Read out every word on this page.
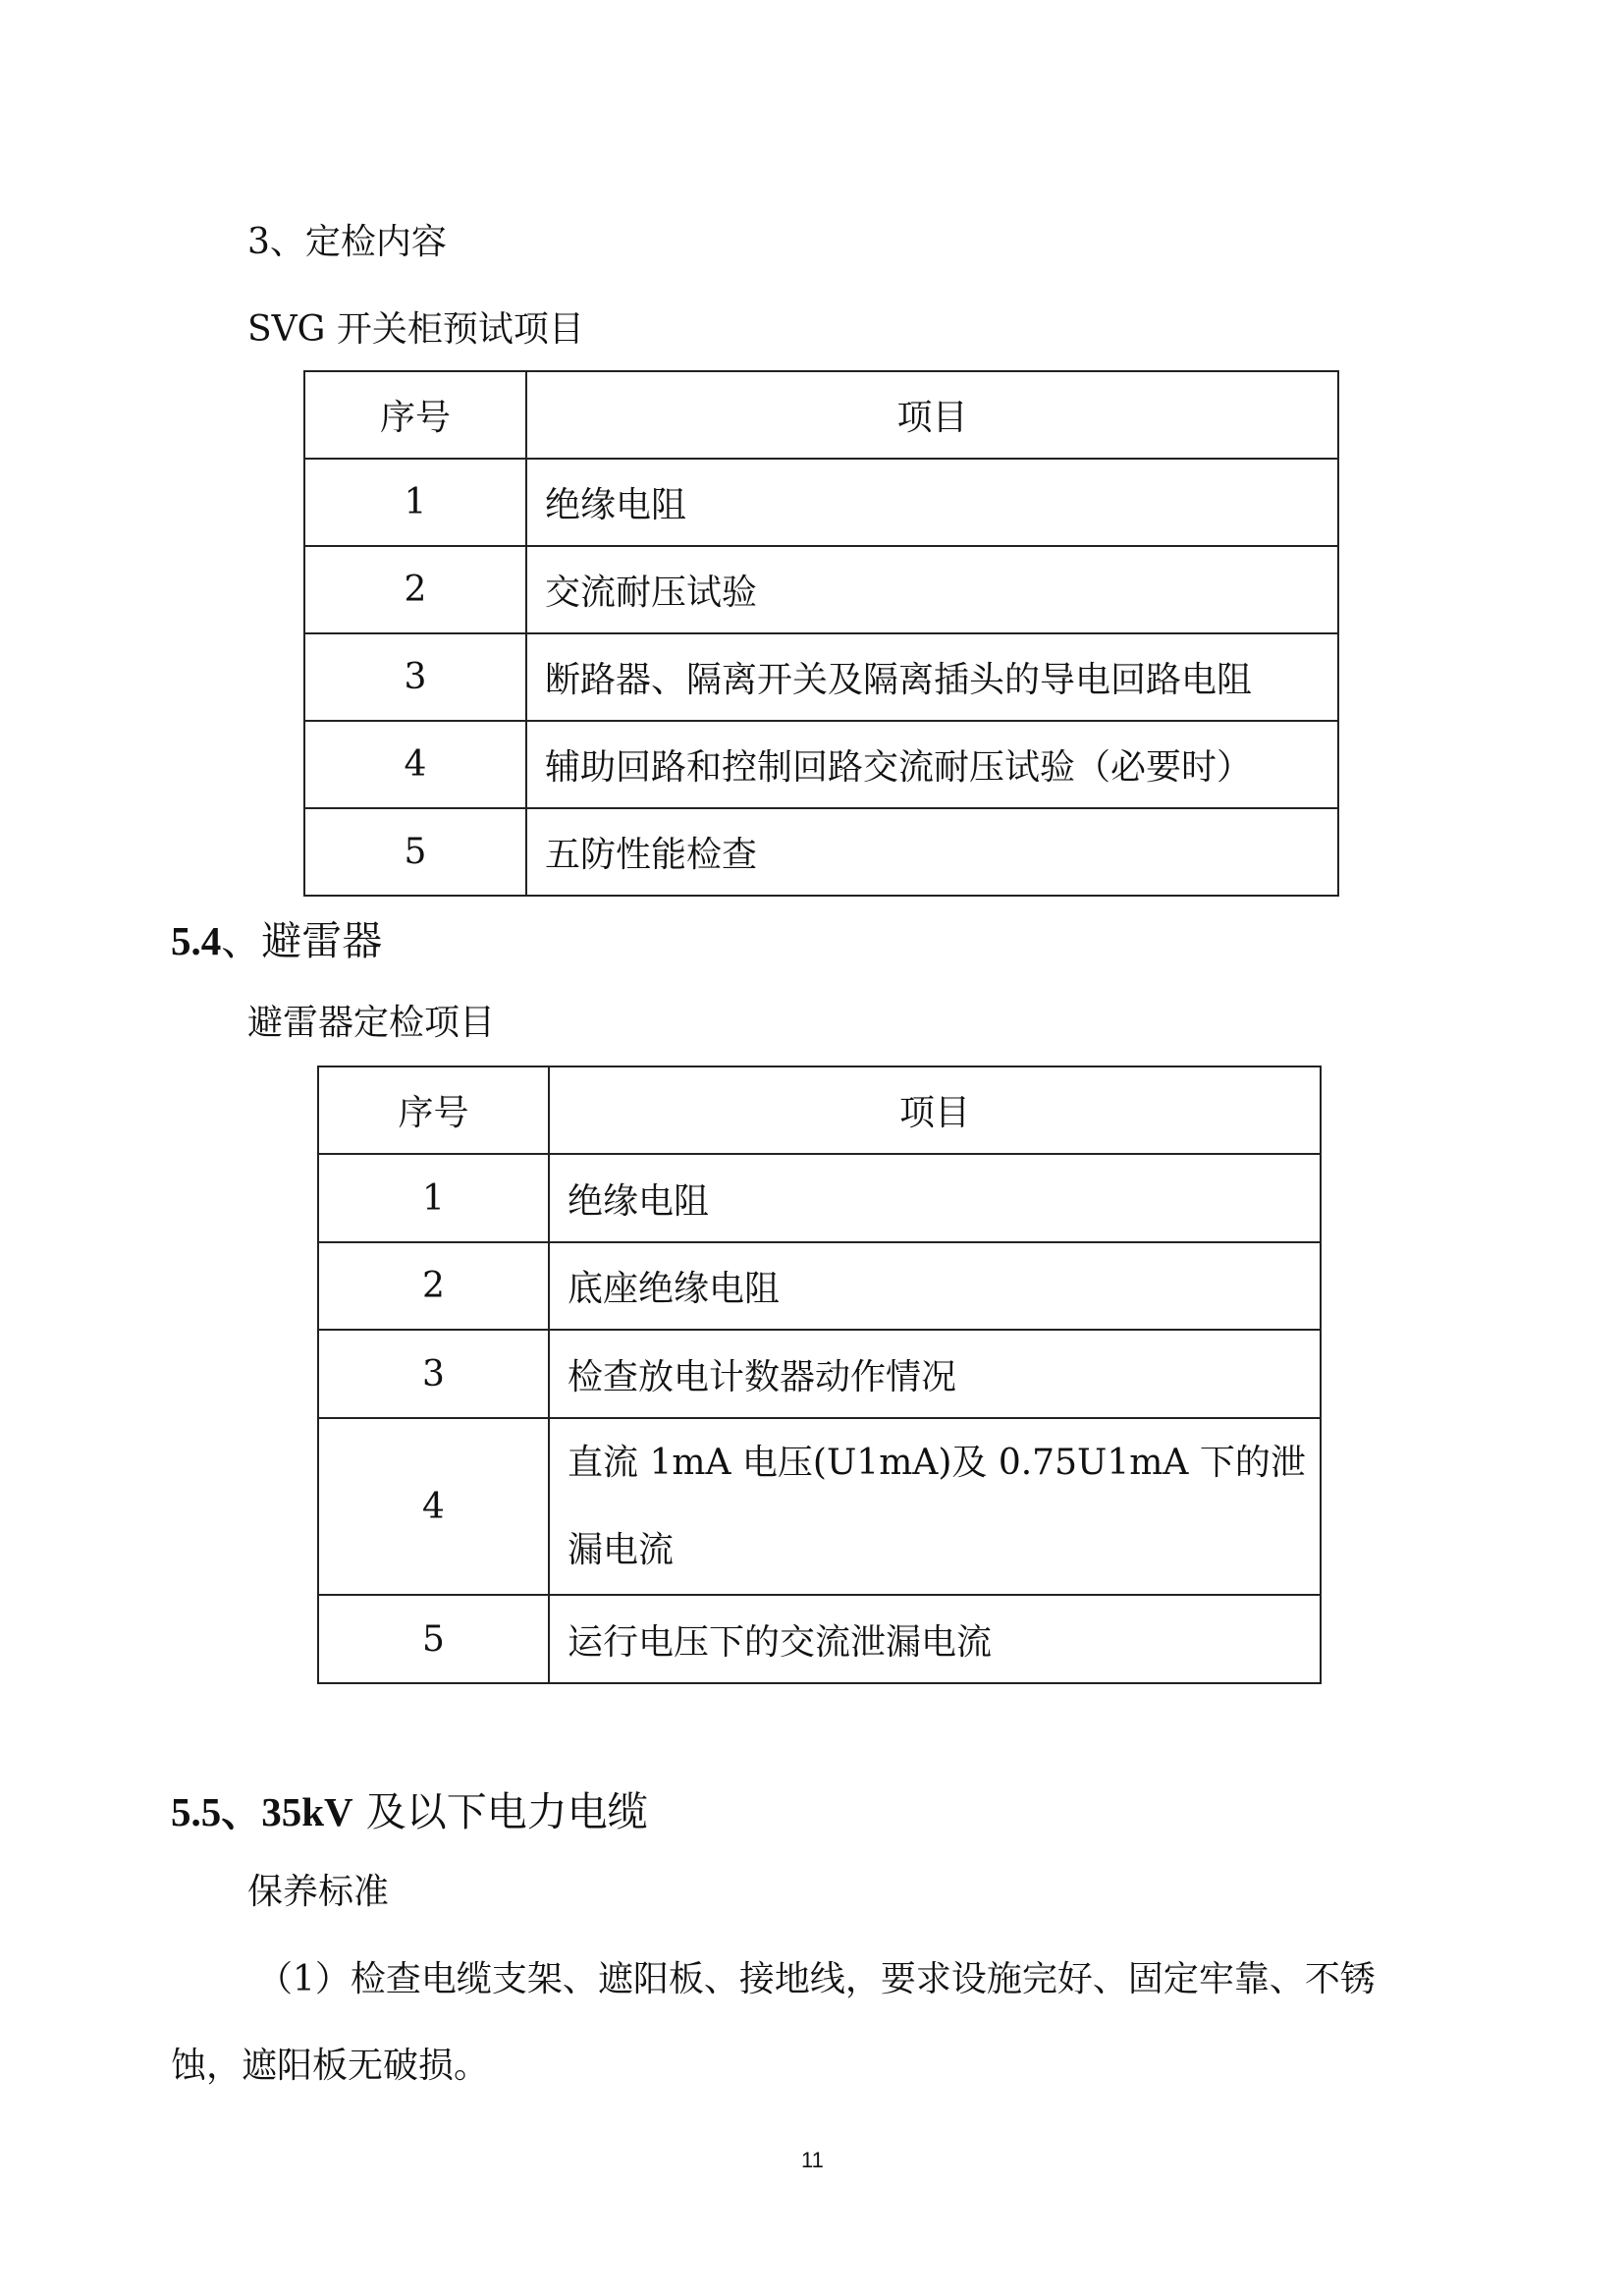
3、定检内容
SVG 开关柜预试项目
序号	项目
1	绝缘电阻
2	交流耐压试验
3	断路器、隔离开关及隔离插头的导电回路电阻
4	辅助回路和控制回路交流耐压试验（必要时）
5	五防性能检查
5.4、避雷器
避雷器定检项目
序号	项目
1	绝缘电阻
2	底座绝缘电阻
3	检查放电计数器动作情况
4	直流 1mA 电压(U1mA)及 0.75U1mA 下的泄漏电流
5	运行电压下的交流泄漏电流
5.5、35kV 及以下电力电缆
保养标准
（1）检查电缆支架、遮阳板、接地线，要求设施完好、固定牢靠、不锈
蚀，遮阳板无破损。
11
